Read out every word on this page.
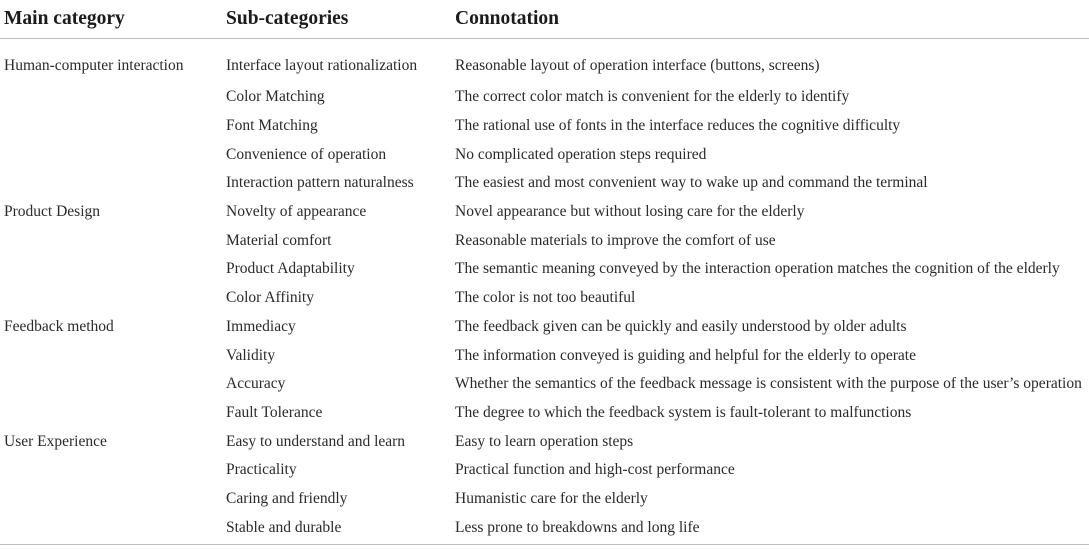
Main category	Sub-categories	Connotation
Human-computer interaction	Interface layout rationalization	Reasonable layout of operation interface (buttons, screens)
	Color Matching	The correct color match is convenient for the elderly to identify
	Font Matching	The rational use of fonts in the interface reduces the cognitive difficulty
	Convenience of operation	No complicated operation steps required
	Interaction pattern naturalness	The easiest and most convenient way to wake up and command the terminal
Product Design	Novelty of appearance	Novel appearance but without losing care for the elderly
	Material comfort	Reasonable materials to improve the comfort of use
	Product Adaptability	The semantic meaning conveyed by the interaction operation matches the cognition of the elderly
	Color Affinity	The color is not too beautiful
Feedback method	Immediacy	The feedback given can be quickly and easily understood by older adults
	Validity	The information conveyed is guiding and helpful for the elderly to operate
	Accuracy	Whether the semantics of the feedback message is consistent with the purpose of the user’s operation
	Fault Tolerance	The degree to which the feedback system is fault-tolerant to malfunctions
User Experience	Easy to understand and learn	Easy to learn operation steps
	Practicality	Practical function and high-cost performance
	Caring and friendly	Humanistic care for the elderly
	Stable and durable	Less prone to breakdowns and long life
